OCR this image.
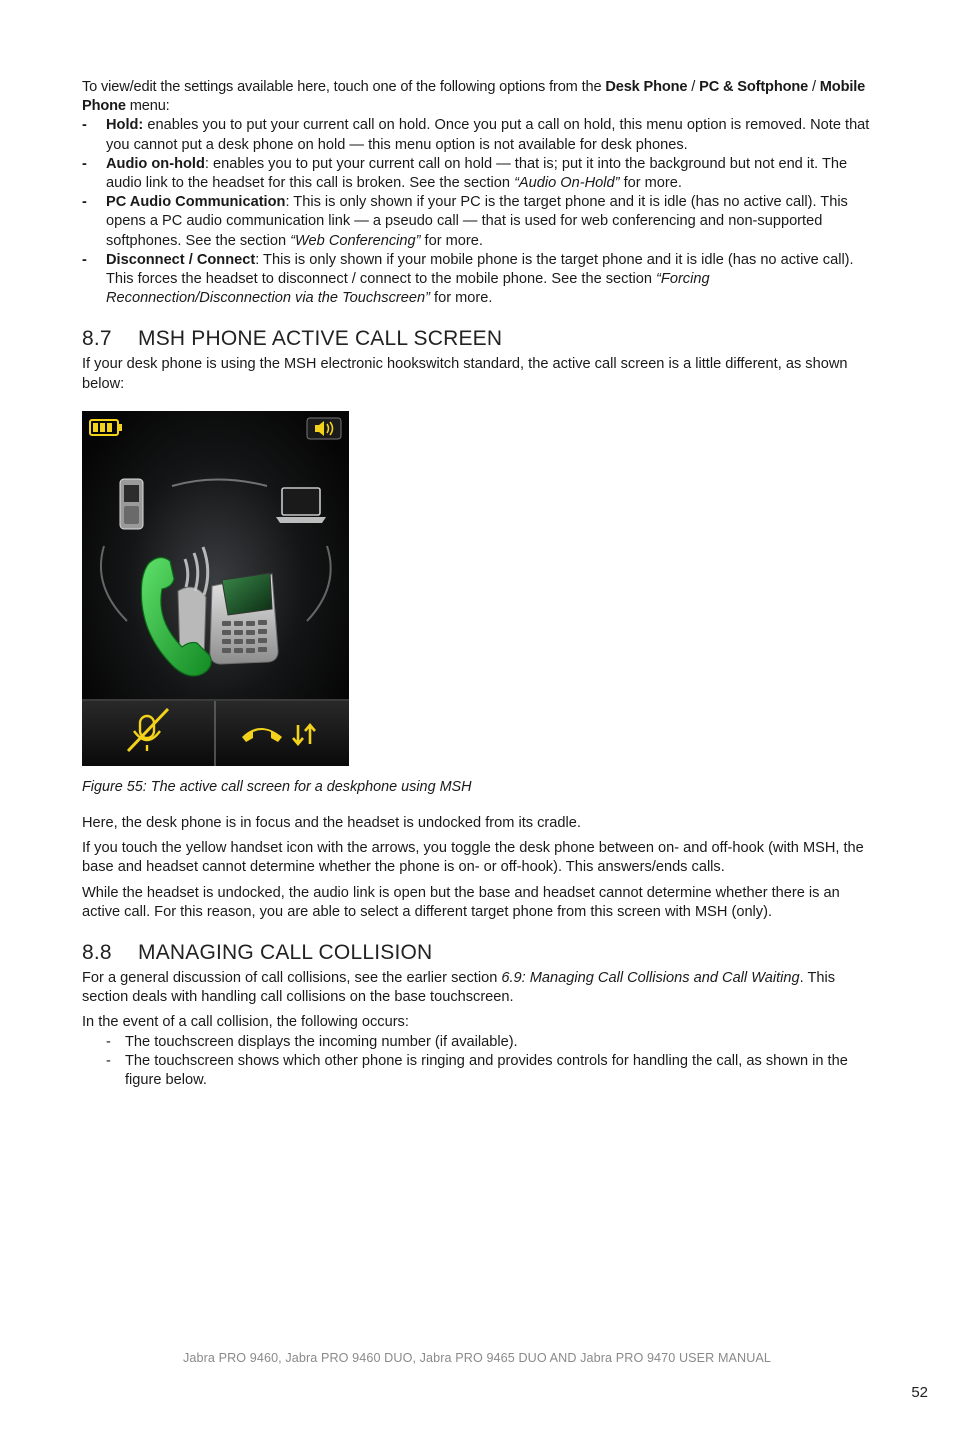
To view/edit the settings available here, touch one of the following options from the Desk Phone / PC & Softphone / Mobile Phone menu:

- Hold: enables you to put your current call on hold. Once you put a call on hold, this menu option is removed. Note that you cannot put a desk phone on hold — this menu option is not available for desk phones.
- Audio on-hold: enables you to put your current call on hold — that is; put it into the background but not end it. The audio link to the headset for this call is broken. See the section “Audio On-Hold” for more.
- PC Audio Communication: This is only shown if your PC is the target phone and it is idle (has no active call). This opens a PC audio communication link — a pseudo call — that is used for web conferencing and non-supported softphones. See the section “Web Conferencing” for more.
- Disconnect / Connect: This is only shown if your mobile phone is the target phone and it is idle (has no active call). This forces the headset to disconnect / connect to the mobile phone. See the section “Forcing Reconnection/Disconnection via the Touchscreen” for more.
8.7 MSH PHONE ACTIVE CALL SCREEN

If your desk phone is using the MSH electronic hookswitch standard, the active call screen is a little different, as shown below:

Figure 55: The active call screen for a deskphone using MSH

Here, the desk phone is in focus and the headset is undocked from its cradle.

If you touch the yellow handset icon with the arrows, you toggle the desk phone between on- and off-hook (with MSH, the base and headset cannot determine whether the phone is on- or off-hook). This answers/ends calls.

While the headset is undocked, the audio link is open but the base and headset cannot determine whether there is an active call. For this reason, you are able to select a different target phone from this screen with MSH (only).

8.8 MANAGING CALL COLLISION

For a general discussion of call collisions, see the earlier section 6.9: Managing Call Collisions and Call Waiting. This section deals with handling call collisions on the base touchscreen.

In the event of a call collision, the following occurs:

- The touchscreen displays the incoming number (if available).
- The touchscreen shows which other phone is ringing and provides controls for handling the call, as shown in the figure below.
Jabra PRO 9460, Jabra PRO 9460 DUO, Jabra PRO 9465 DUO AND Jabra PRO 9470 USER MANUAL
52
